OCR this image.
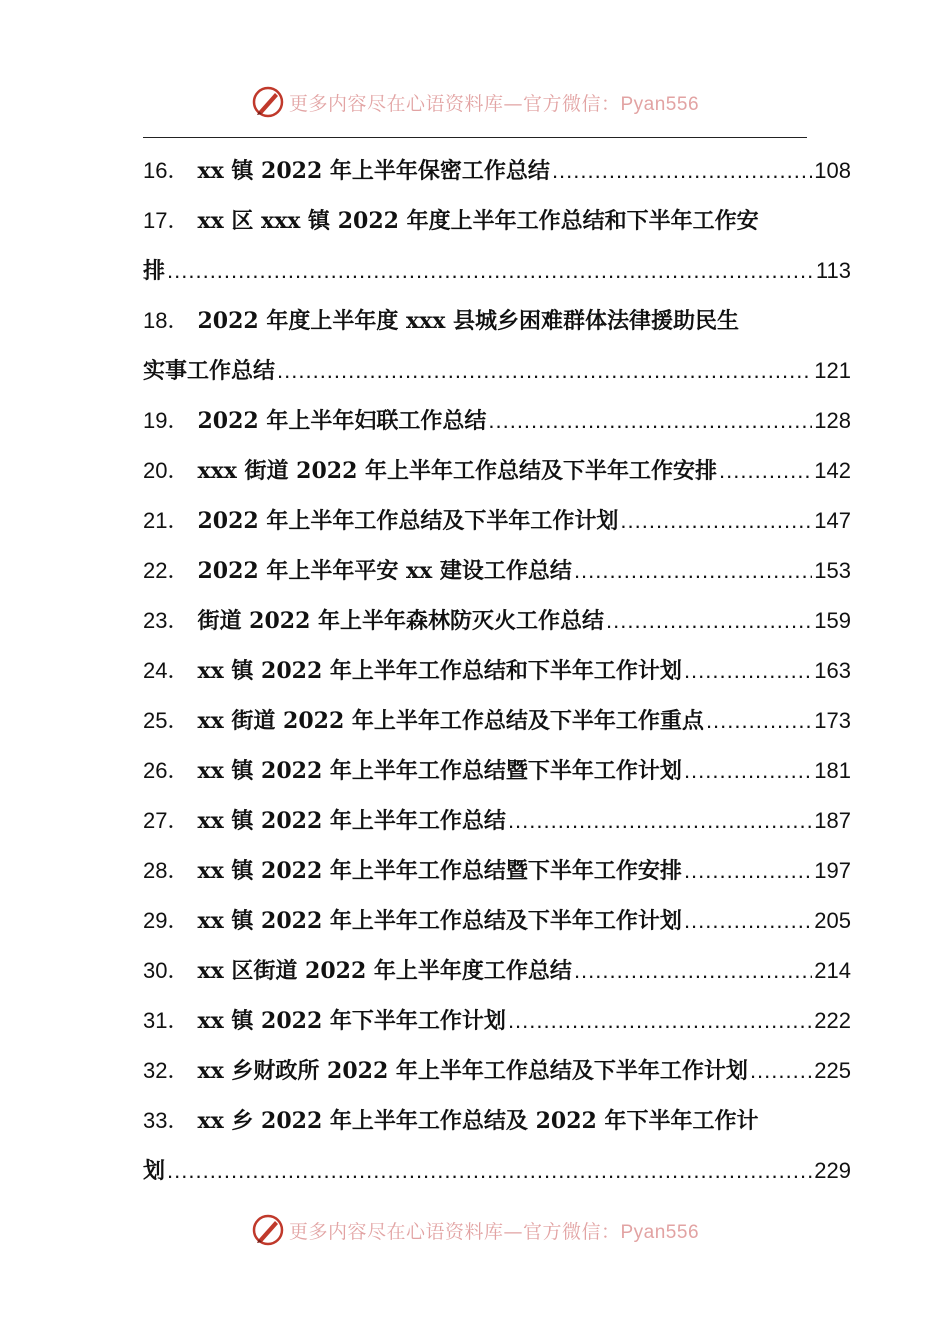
更多内容尽在心语资料库—官方微信：Pyan556
16． xx 镇 2022 年上半年保密工作总结 .....	108
17． xx 区 xxx 镇 2022 年度上半年工作总结和下半年工作安
排 .....	113
18． 2022 年度上半年度 xxx 县城乡困难群体法律援助民生
实事工作总结 .....	121
19． 2022 年上半年妇联工作总结 .....	128
20． xxx 街道 2022 年上半年工作总结及下半年工作安排 .....	142
21． 2022 年上半年工作总结及下半年工作计划 .....	147
22． 2022 年上半年平安 xx 建设工作总结 .....	153
23． 街道 2022 年上半年森林防灭火工作总结 .....	159
24． xx 镇 2022 年上半年工作总结和下半年工作计划 .....	163
25． xx 街道 2022 年上半年工作总结及下半年工作重点 .....	173
26． xx 镇 2022 年上半年工作总结暨下半年工作计划 .....	181
27． xx 镇 2022 年上半年工作总结 .....	187
28． xx 镇 2022 年上半年工作总结暨下半年工作安排 .....	197
29． xx 镇 2022 年上半年工作总结及下半年工作计划 .....	205
30． xx 区街道 2022 年上半年度工作总结 .....	214
31． xx 镇 2022 年下半年工作计划 .....	222
32． xx 乡财政所 2022 年上半年工作总结及下半年工作计划 .....	225
33． xx 乡 2022 年上半年工作总结及 2022 年下半年工作计
划 .....	229
更多内容尽在心语资料库—官方微信：Pyan556
